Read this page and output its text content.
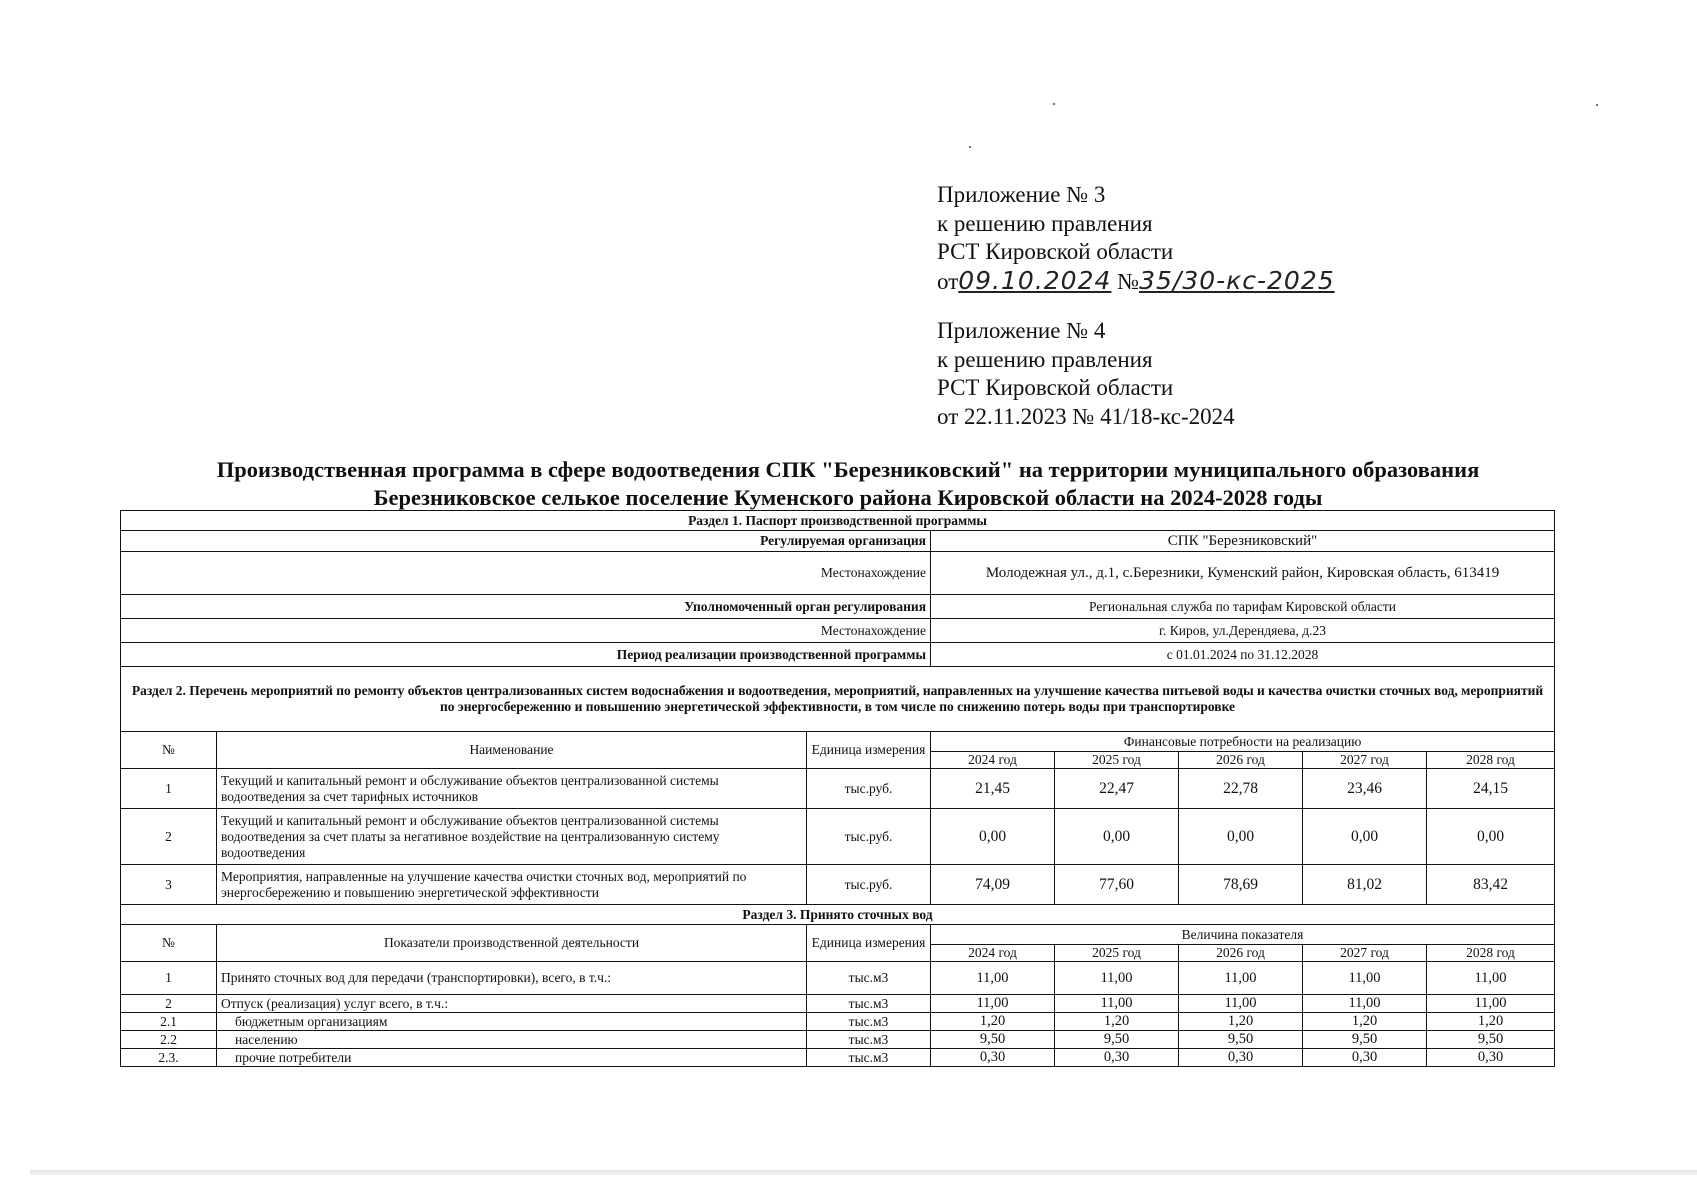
Приложение № 3
к решению правления
РСТ Кировской области
от09.10.2024 №35/30-кс-2025
Приложение № 4
к решению правления
РСТ Кировской области
от 22.11.2023 № 41/18-кс-2024
Производственная программа в сфере водоотведения СПК "Березниковский" на территории муниципального образования
Березниковское селькое поселение Куменского района Кировской области на 2024-2028 годы
Раздел 1. Паспорт производственной программы							
Регулируемая организация			СПК "Березниковский"				
Местонахождение			Молодежная ул., д.1, с.Березники, Куменский район, Кировская область, 613419				
Уполномоченный орган регулирования			Региональная служба по тарифам Кировской области				
Местонахождение			г. Киров, ул.Дерендяева, д.23				
Период реализации производственной программы			с 01.01.2024 по 31.12.2028				
Раздел 2. Перечень мероприятий по ремонту объектов централизованных систем водоснабжения и водоотведения, мероприятий, направленных на улучшение качества питьевой воды и качества очистки сточных вод, мероприятий по энергосбережению и повышению энергетической эффективности, в том числе по снижению потерь воды при транспортировке							
№	Наименование	Единица измерения	Финансовые потребности на реализацию				
			2024 год	2025 год	2026 год	2027 год	2028 год
1	Текущий и капитальный ремонт и обслуживание объектов централизованной системы водоотведения за счет тарифных источников	тыс.руб.	21,45	22,47	22,78	23,46	24,15
2	Текущий и капитальный ремонт и обслуживание объектов централизованной системы водоотведения за счет платы за негативное воздействие на централизованную систему водоотведения	тыс.руб.	0,00	0,00	0,00	0,00	0,00
3	Мероприятия, направленные на улучшение качества очистки сточных вод, мероприятий по энергосбережению и повышению энергетической эффективности	тыс.руб.	74,09	77,60	78,69	81,02	83,42
Раздел 3. Принято сточных вод							
№	Показатели производственной деятельности	Единица измерения	Величина показателя				
			2024 год	2025 год	2026 год	2027 год	2028 год
1	Принято сточных вод для передачи (транспортировки), всего, в т.ч.:	тыс.м3	11,00	11,00	11,00	11,00	11,00
2	Отпуск (реализация) услуг всего, в т.ч.:	тыс.м3	11,00	11,00	11,00	11,00	11,00
2.1	бюджетным организациям	тыс.м3	1,20	1,20	1,20	1,20	1,20
2.2	населению	тыс.м3	9,50	9,50	9,50	9,50	9,50
2.3.	прочие потребители	тыс.м3	0,30	0,30	0,30	0,30	0,30
